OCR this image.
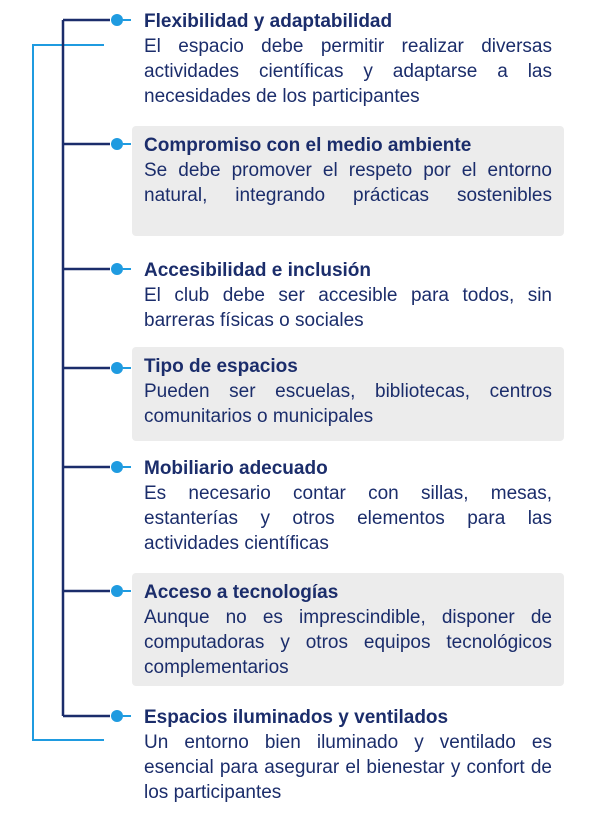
Flexibilidad y adaptabilidad
El espacio debe permitir realizar diversas actividades científicas y adaptarse a las necesidades de los participantes
Compromiso con el medio ambiente
Se debe promover el respeto por el entorno natural, integrando prácticas sostenibles
Accesibilidad e inclusión
El club debe ser accesible para todos, sin barreras físicas o sociales
Tipo de espacios
Pueden ser escuelas, bibliotecas, centros comunitarios o municipales
Mobiliario adecuado
Es necesario contar con sillas, mesas, estanterías y otros elementos para las actividades científicas
Acceso a tecnologías
Aunque no es imprescindible, disponer de computadoras y otros equipos tecnológicos complementarios
Espacios iluminados y ventilados
Un entorno bien iluminado y ventilado es esencial para asegurar el bienestar y confort de los participantes
